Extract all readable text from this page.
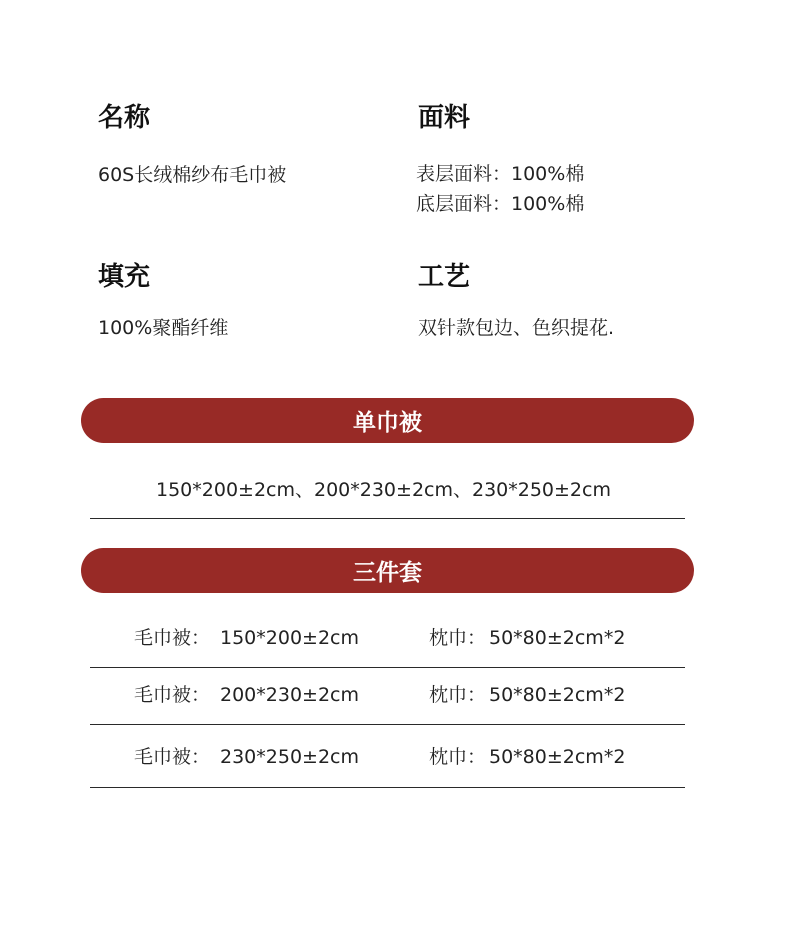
名称
60S长绒棉纱布毛巾被
面料
表层面料：100%棉
底层面料：100%棉
填充
100%聚酯纤维
工艺
双针款包边、色织提花.
单巾被
150*200±2cm、200*230±2cm、230*250±2cm
三件套
毛巾被： 150*200±2cm	枕巾： 50*80±2cm*2
毛巾被： 200*230±2cm	枕巾： 50*80±2cm*2
毛巾被： 230*250±2cm	枕巾： 50*80±2cm*2
